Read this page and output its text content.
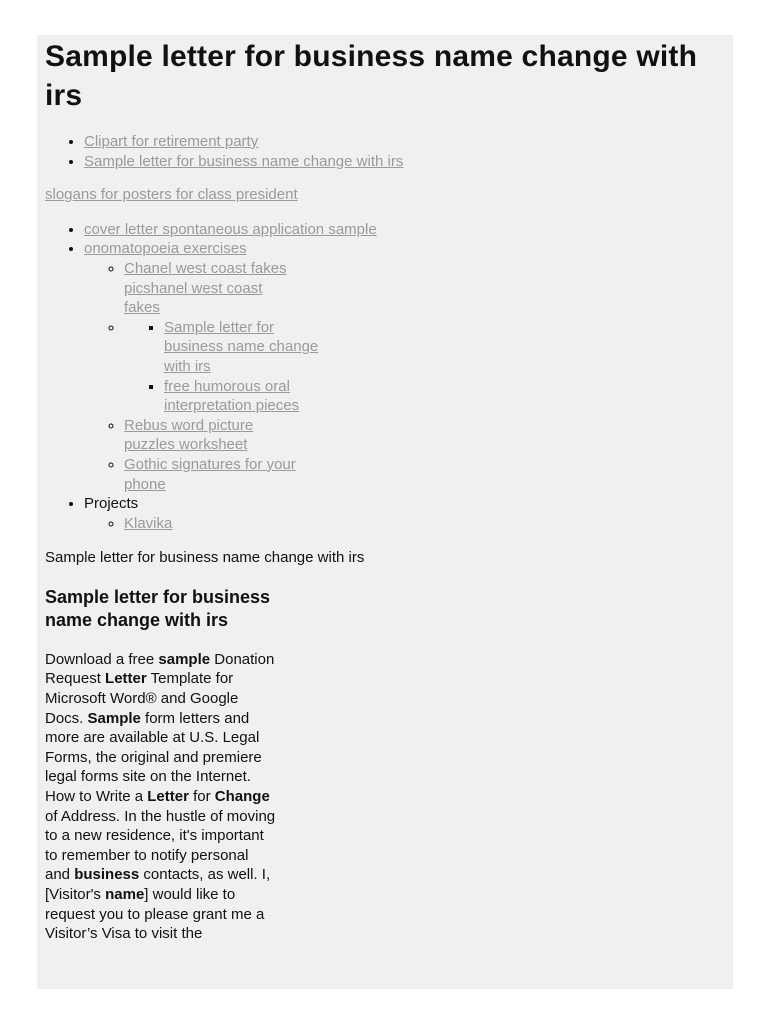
Sample letter for business name change with irs
• Clipart for retirement party
• Sample letter for business name change with irs
slogans for posters for class president
• cover letter spontaneous application sample
• onomatopoeia exercises
◦ Chanel west coast fakes picshanel west coast fakes
▪ ◦ Sample letter for business name change with irs
▪ free humorous oral interpretation pieces
◦ Rebus word picture puzzles worksheet
◦ Gothic signatures for your phone
• Projects
◦ Klavika

Sample letter for business name change with irs

Sample letter for business name change with irs

Download a free sample Donation Request Letter Template for Microsoft Word® and Google Docs. Sample form letters and more are available at U.S. Legal Forms, the original and premiere legal forms site on the Internet. How to Write a Letter for Change of Address. In the hustle of moving to a new residence, it's important to remember to notify personal and business contacts, as well. I, [Visitor's name] would like to request you to please grant me a Visitor’s Visa to visit the
